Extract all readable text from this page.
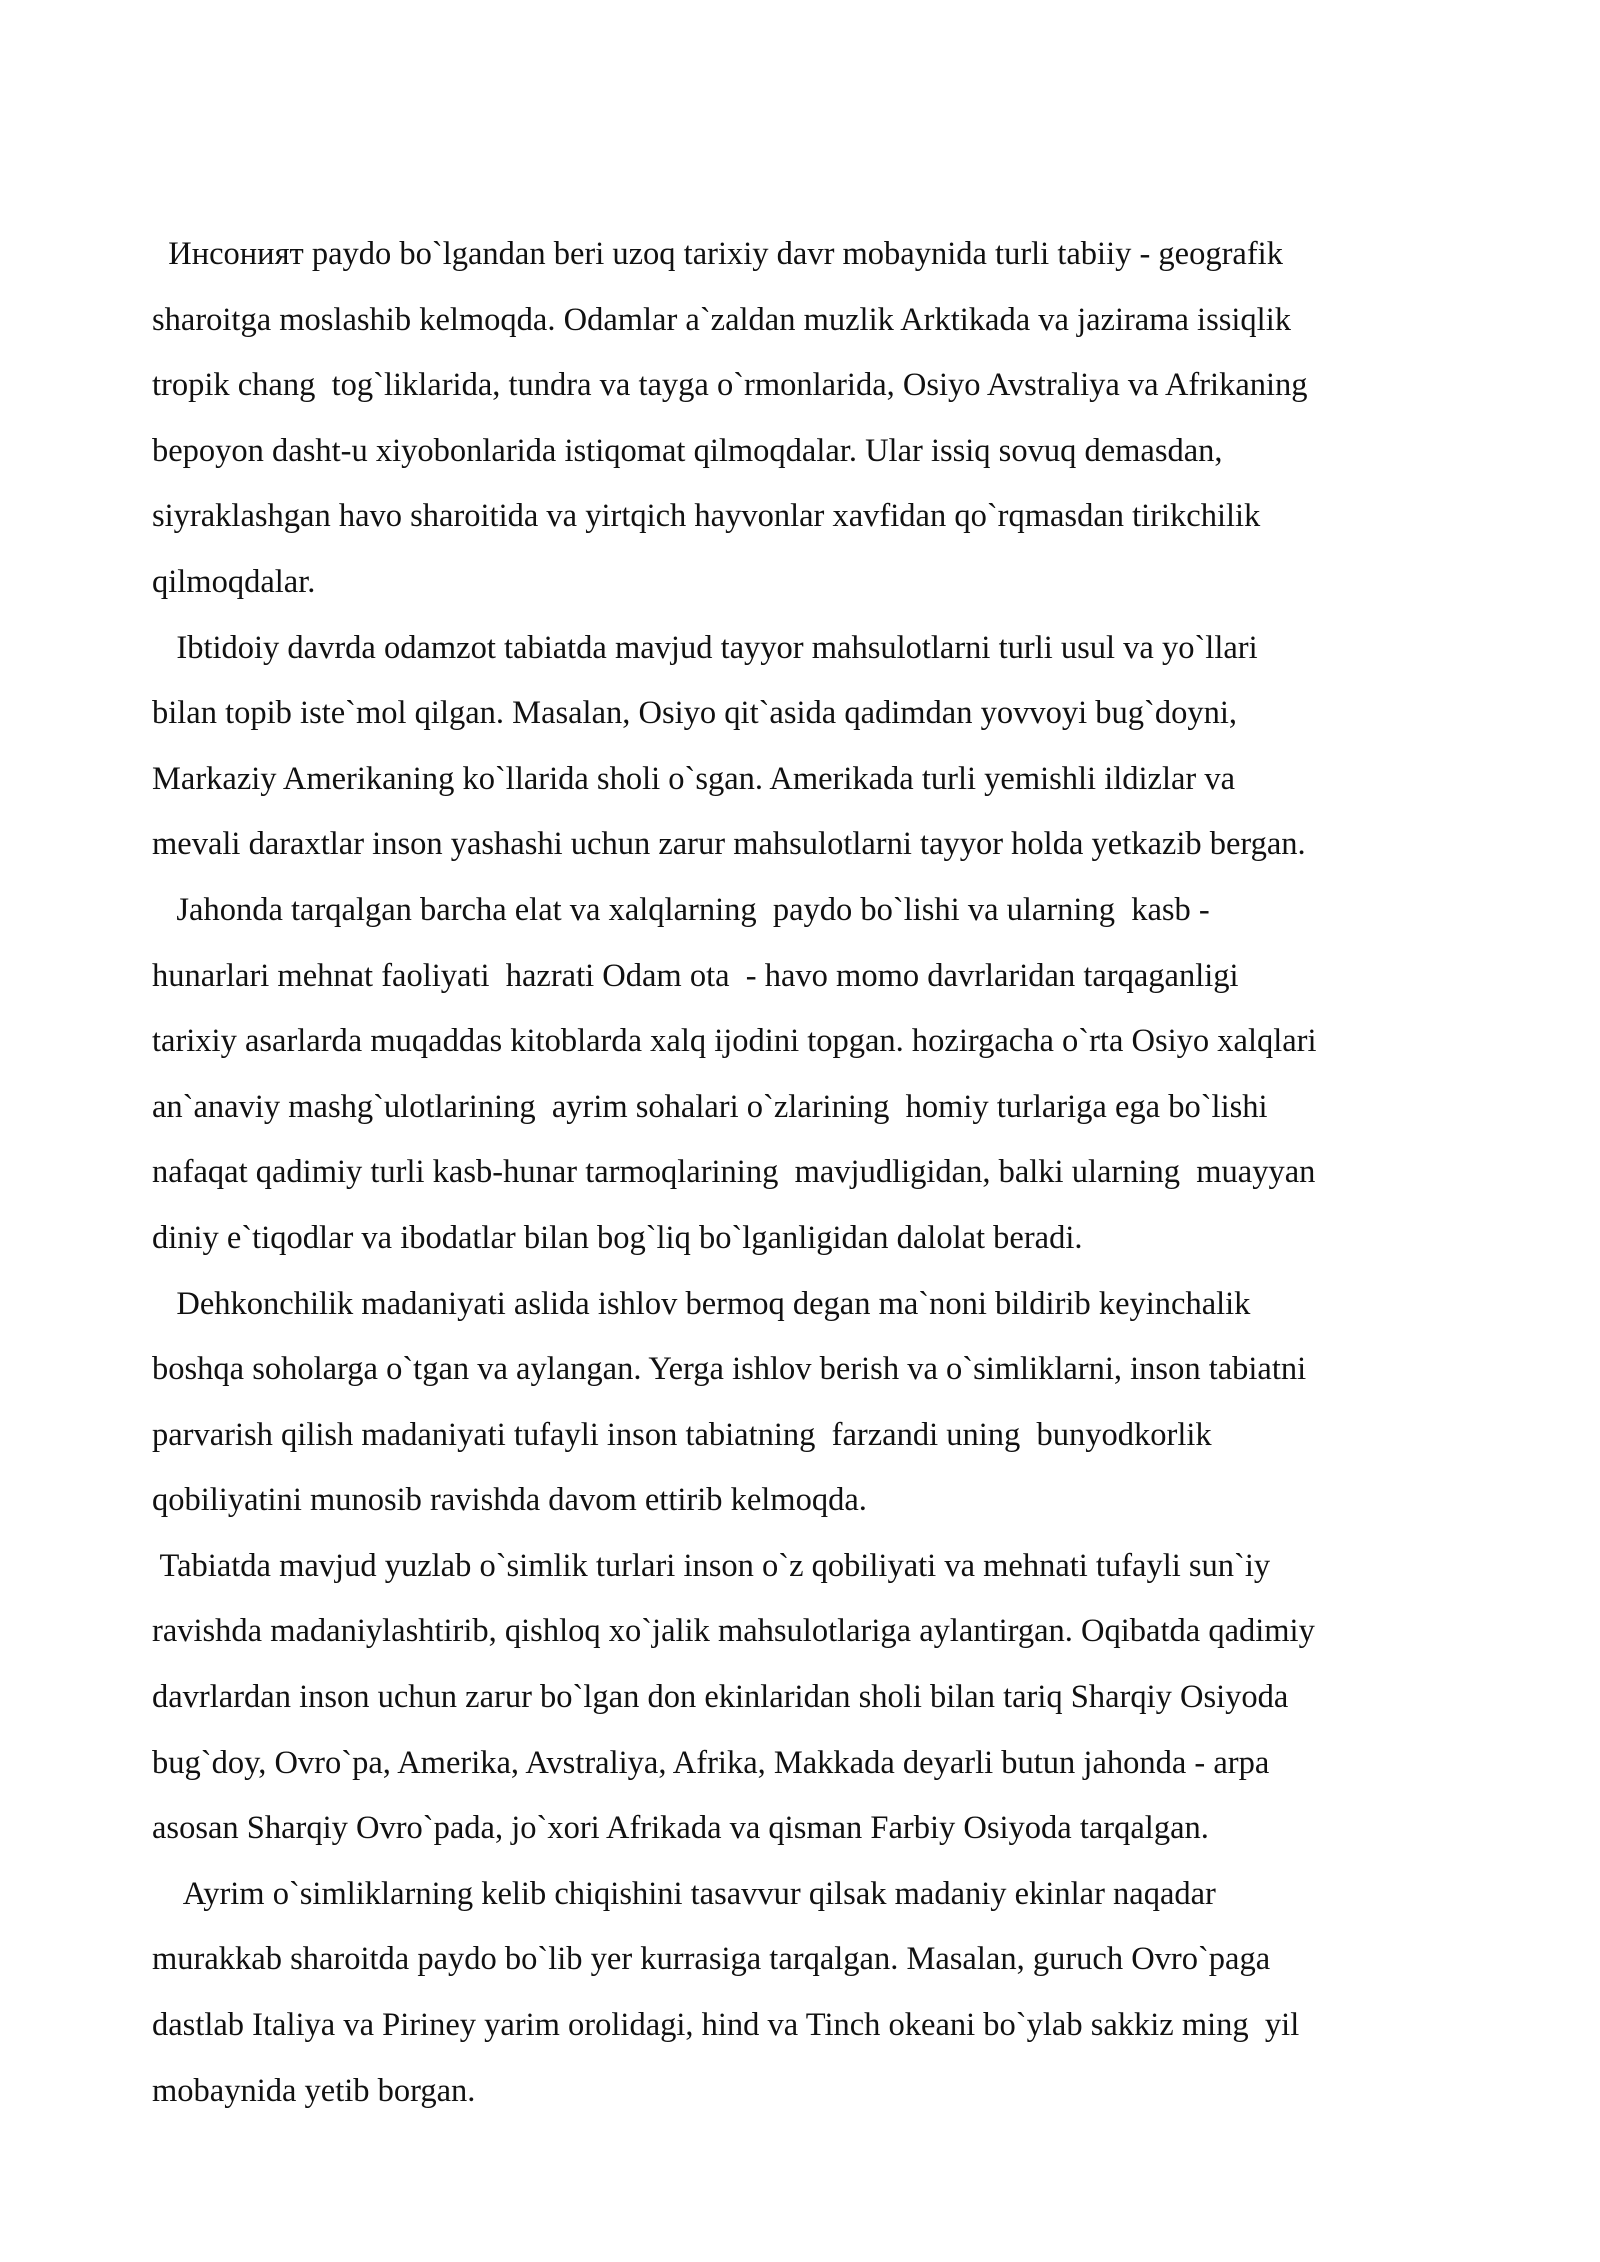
Инсоният paydo bo`lgandan beri uzoq tarixiy davr mobaynida turli tabiiy - geografik
sharoitga moslashib kelmoqda. Odamlar a`zaldan muzlik Arktikada va jazirama issiqlik
tropik chang  tog`liklarida, tundra va tayga o`rmonlarida, Osiyo Avstraliya va Afrikaning
bepoyon dasht-u xiyobonlarida istiqomat qilmoqdalar. Ular issiq sovuq demasdan,
siyraklashgan havo sharoitida va yirtqich hayvonlar xavfidan qo`rqmasdan tirikchilik
qilmoqdalar.
Ibtidoiy davrda odamzot tabiatda mavjud tayyor mahsulotlarni turli usul va yo`llari
bilan topib iste`mol qilgan. Masalan, Osiyo qit`asida qadimdan yovvoyi bug`doyni,
Markaziy Amerikaning ko`llarida sholi o`sgan. Amerikada turli yemishli ildizlar va
mevali daraxtlar inson yashashi uchun zarur mahsulotlarni tayyor holda yetkazib bergan.
Jahonda tarqalgan barcha elat va xalqlarning  paydo bo`lishi va ularning  kasb -
hunarlari mehnat faoliyati  hazrati Odam ota  - havo momo davrlaridan tarqaganligi
tarixiy asarlarda muqaddas kitoblarda xalq ijodini topgan. hozirgacha o`rta Osiyo xalqlari
an`anaviy mashg`ulotlarining  ayrim sohalari o`zlarining  homiy turlariga ega bo`lishi
nafaqat qadimiy turli kasb-hunar tarmoqlarining  mavjudligidan, balki ularning  muayyan
diniy e`tiqodlar va ibodatlar bilan bog`liq bo`lganligidan dalolat beradi.
Dehkonchilik madaniyati aslida ishlov bermoq degan ma`noni bildirib keyinchalik
boshqa soholarga o`tgan va aylangan. Yerga ishlov berish va o`simliklarni, inson tabiatni
parvarish qilish madaniyati tufayli inson tabiatning  farzandi uning  bunyodkorlik
qobiliyatini munosib ravishda davom ettirib kelmoqda.
Tabiatda mavjud yuzlab o`simlik turlari inson o`z qobiliyati va mehnati tufayli sun`iy
ravishda madaniylashtirib, qishloq xo`jalik mahsulotlariga aylantirgan. Oqibatda qadimiy
davrlardan inson uchun zarur bo`lgan don ekinlaridan sholi bilan tariq Sharqiy Osiyoda
bug`doy, Ovro`pa, Amerika, Avstraliya, Afrika, Makkada deyarli butun jahonda - arpa
asosan Sharqiy Ovro`pada, jo`xori Afrikada va qisman Farbiy Osiyoda tarqalgan.
Ayrim o`simliklarning kelib chiqishini tasavvur qilsak madaniy ekinlar naqadar
murakkab sharoitda paydo bo`lib yer kurrasiga tarqalgan. Masalan, guruch Ovro`paga
dastlab Italiya va Piriney yarim orolidagi, hind va Tinch okeani bo`ylab sakkiz ming  yil
mobaynida yetib borgan.
